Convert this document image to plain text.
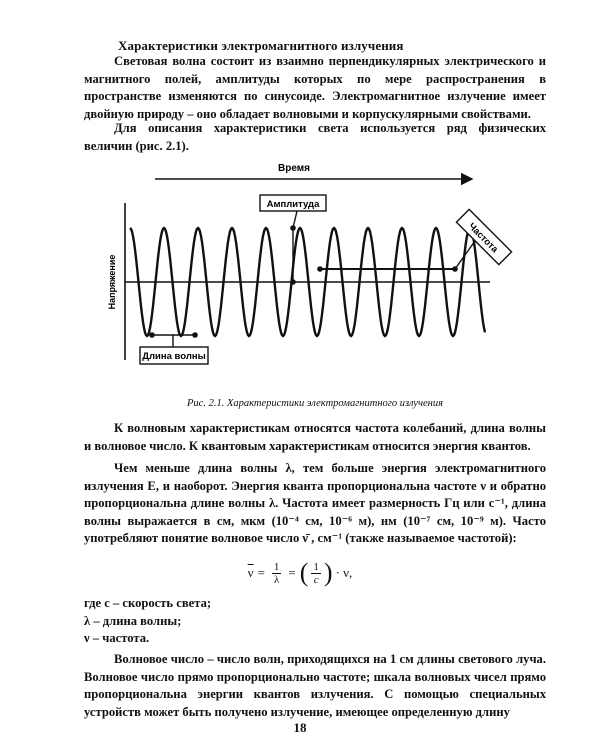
Характеристики электромагнитного излучения

Световая волна состоит из взаимно перпендикулярных электрического и магнитного полей, амплитуды которых по мере распространения в пространстве изменяются по синусоиде. Электромагнитное излучение имеет двойную природу – оно обладает волновыми и корпускулярными свойствами.

Для описания характеристики света используется ряд физических величин (рис. 2.1).

Время
Напряжение
Амплитуда
Частота
Длина волны
Рис. 2.1. Характеристики электромагнитного излучения

К волновым характеристикам относятся частота колебаний, длина волны и волновое число. К квантовым характеристикам относится энергия квантов.

Чем меньше длина волны λ, тем больше энергия электромагнитного излучения E, и наоборот. Энергия кванта пропорциональна частоте ν и обратно пропорциональна длине волны λ. Частота имеет размерность Гц или с⁻¹, длина волны выражается в см, мкм (10⁻⁴ см, 10⁻⁶ м), нм (10⁻⁷ см, 10⁻⁹ м). Часто употребляют понятие волновое число ν̄ , см⁻¹ (также называемое частотой):

$\overline{\nu} = \frac{1}{\lambda}$ = ( $\frac{1}{c}$ ) · ν,
где c – скорость света;
λ – длина волны;
ν – частота.

Волновое число – число волн, приходящихся на 1 см длины светового луча. Волновое число прямо пропорционально частоте; шкала волновых чисел прямо пропорциональна энергии квантов излучения. С помощью специальных устройств может быть получено излучение, имеющее определенную длину

18
